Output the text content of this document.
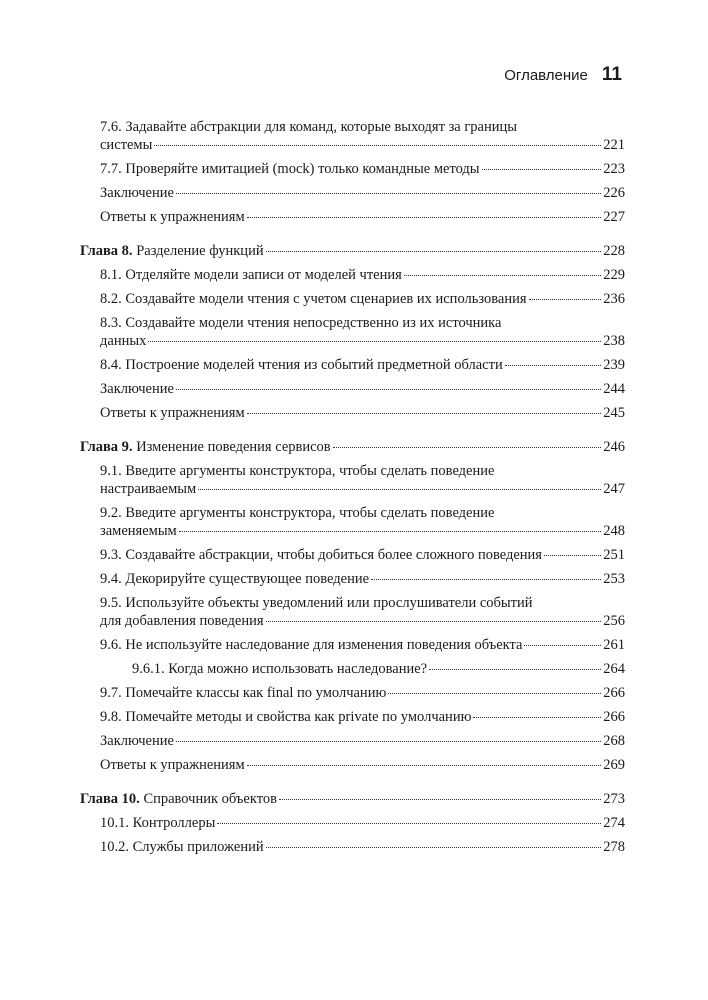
Оглавление 11
7.6. Задавайте абстракции для команд, которые выходят за границы
системы	221
7.7. Проверяйте имитацией (mock) только командные методы	223
Заключение	226
Ответы к упражнениям	227
Глава 8. Разделение функций	228
8.1. Отделяйте модели записи от моделей чтения	229
8.2. Создавайте модели чтения с учетом сценариев их использования	236
8.3. Создавайте модели чтения непосредственно из их источника
данных	238
8.4. Построение моделей чтения из событий предметной области	239
Заключение	244
Ответы к упражнениям	245
Глава 9. Изменение поведения сервисов	246
9.1. Введите аргументы конструктора, чтобы сделать поведение
настраиваемым	247
9.2. Введите аргументы конструктора, чтобы сделать поведение
заменяемым	248
9.3. Создавайте абстракции, чтобы добиться более сложного поведения	251
9.4. Декорируйте существующее поведение	253
9.5. Используйте объекты уведомлений или прослушиватели событий
для добавления поведения	256
9.6. Не используйте наследование для изменения поведения объекта	261
9.6.1. Когда можно использовать наследование?	264
9.7. Помечайте классы как final по умолчанию	266
9.8. Помечайте методы и свойства как private по умолчанию	266
Заключение	268
Ответы к упражнениям	269
Глава 10. Справочник объектов	273
10.1. Контроллеры	274
10.2. Службы приложений	278
